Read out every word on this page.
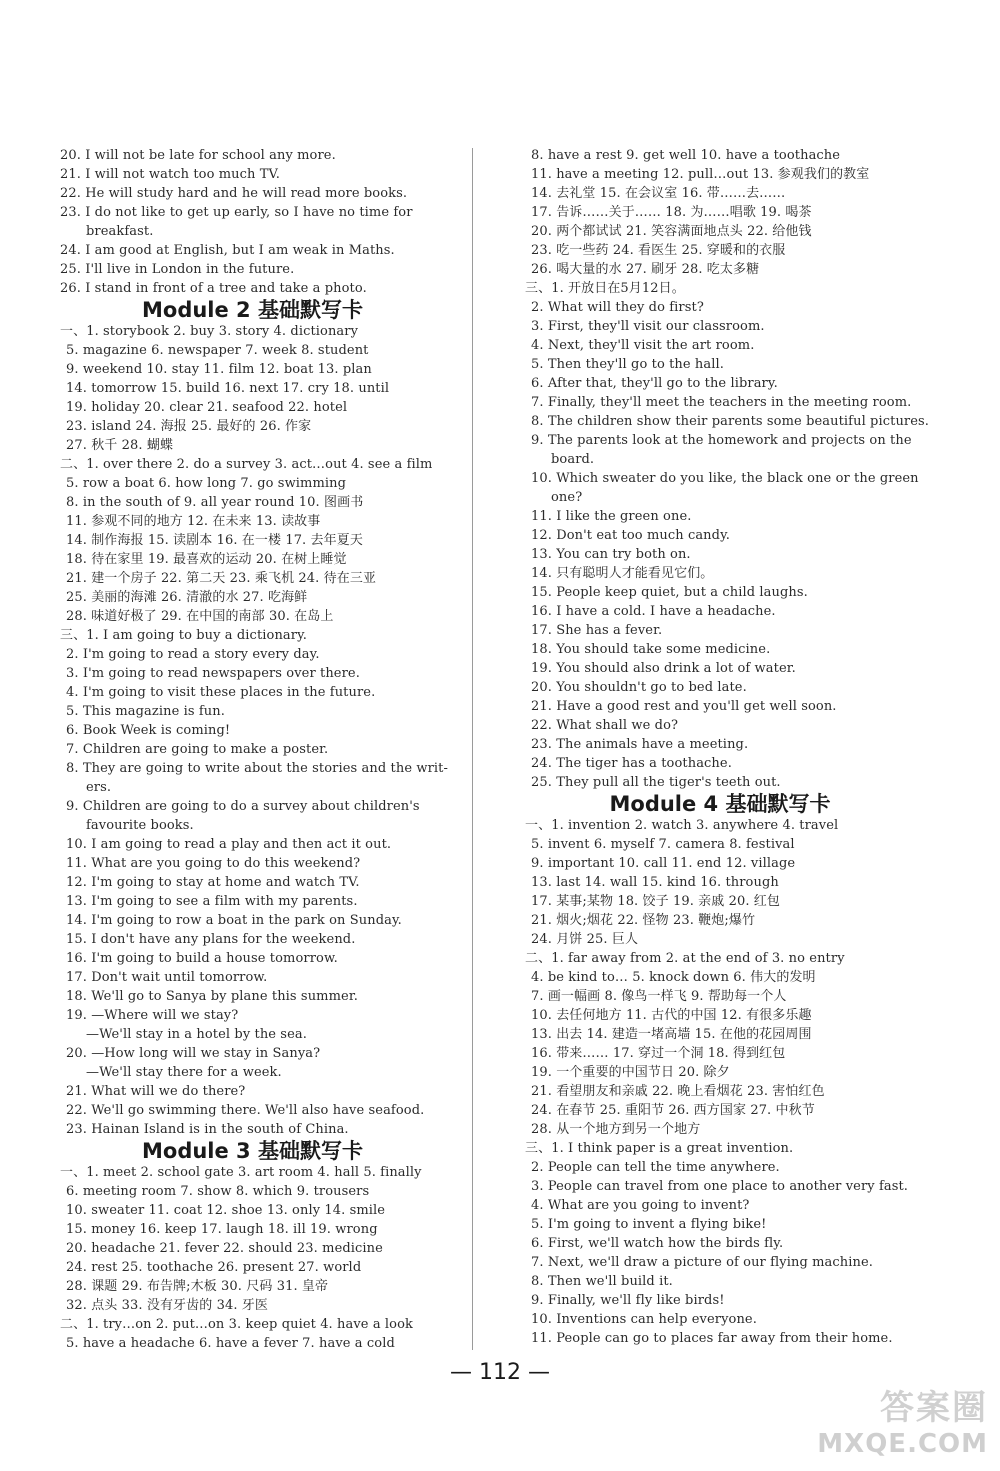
20. I will not be late for school any more.
21. I will not watch too much TV.
22. He will study hard and he will read more books.
23. I do not like to get up early, so I have no time for
breakfast.
24. I am good at English, but I am weak in Maths.
25. I'll live in London in the future.
26. I stand in front of a tree and take a photo.
Module 2 基础默写卡
一、1. storybook 2. buy 3. story 4. dictionary
5. magazine 6. newspaper 7. week 8. student
9. weekend 10. stay 11. film 12. boat 13. plan
14. tomorrow 15. build 16. next 17. cry 18. until
19. holiday 20. clear 21. seafood 22. hotel
23. island 24. 海报 25. 最好的 26. 作家
27. 秋千 28. 蝴蝶
二、1. over there 2. do a survey 3. act…out 4. see a film
5. row a boat 6. how long 7. go swimming
8. in the south of 9. all year round 10. 图画书
11. 参观不同的地方 12. 在未来 13. 读故事
14. 制作海报 15. 读剧本 16. 在一楼 17. 去年夏天
18. 待在家里 19. 最喜欢的运动 20. 在树上睡觉
21. 建一个房子 22. 第二天 23. 乘飞机 24. 待在三亚
25. 美丽的海滩 26. 清澈的水 27. 吃海鲜
28. 味道好极了 29. 在中国的南部 30. 在岛上
三、1. I am going to buy a dictionary.
2. I'm going to read a story every day.
3. I'm going to read newspapers over there.
4. I'm going to visit these places in the future.
5. This magazine is fun.
6. Book Week is coming!
7. Children are going to make a poster.
8. They are going to write about the stories and the writ-
ers.
9. Children are going to do a survey about children's
favourite books.
10. I am going to read a play and then act it out.
11. What are you going to do this weekend?
12. I'm going to stay at home and watch TV.
13. I'm going to see a film with my parents.
14. I'm going to row a boat in the park on Sunday.
15. I don't have any plans for the weekend.
16. I'm going to build a house tomorrow.
17. Don't wait until tomorrow.
18. We'll go to Sanya by plane this summer.
19. —Where will we stay?
—We'll stay in a hotel by the sea.
20. —How long will we stay in Sanya?
—We'll stay there for a week.
21. What will we do there?
22. We'll go swimming there. We'll also have seafood.
23. Hainan Island is in the south of China.
Module 3 基础默写卡
一、1. meet 2. school gate 3. art room 4. hall 5. finally
6. meeting room 7. show 8. which 9. trousers
10. sweater 11. coat 12. shoe 13. only 14. smile
15. money 16. keep 17. laugh 18. ill 19. wrong
20. headache 21. fever 22. should 23. medicine
24. rest 25. toothache 26. present 27. world
28. 课题 29. 布告牌;木板 30. 尺码 31. 皇帝
32. 点头 33. 没有牙齿的 34. 牙医
二、1. try…on 2. put…on 3. keep quiet 4. have a look
5. have a headache 6. have a fever 7. have a cold
8. have a rest 9. get well 10. have a toothache
11. have a meeting 12. pull…out 13. 参观我们的教室
14. 去礼堂 15. 在会议室 16. 带……去……
17. 告诉……关于…… 18. 为……唱歌 19. 喝茶
20. 两个都试试 21. 笑容满面地点头 22. 给他钱
23. 吃一些药 24. 看医生 25. 穿暖和的衣服
26. 喝大量的水 27. 刷牙 28. 吃太多糖
三、1. 开放日在5月12日。
2. What will they do first?
3. First, they'll visit our classroom.
4. Next, they'll visit the art room.
5. Then they'll go to the hall.
6. After that, they'll go to the library.
7. Finally, they'll meet the teachers in the meeting room.
8. The children show their parents some beautiful pictures.
9. The parents look at the homework and projects on the
board.
10. Which sweater do you like, the black one or the green
one?
11. I like the green one.
12. Don't eat too much candy.
13. You can try both on.
14. 只有聪明人才能看见它们。
15. People keep quiet, but a child laughs.
16. I have a cold. I have a headache.
17. She has a fever.
18. You should take some medicine.
19. You should also drink a lot of water.
20. You shouldn't go to bed late.
21. Have a good rest and you'll get well soon.
22. What shall we do?
23. The animals have a meeting.
24. The tiger has a toothache.
25. They pull all the tiger's teeth out.
Module 4 基础默写卡
一、1. invention 2. watch 3. anywhere 4. travel
5. invent 6. myself 7. camera 8. festival
9. important 10. call 11. end 12. village
13. last 14. wall 15. kind 16. through
17. 某事;某物 18. 饺子 19. 亲戚 20. 红包
21. 烟火;烟花 22. 怪物 23. 鞭炮;爆竹
24. 月饼 25. 巨人
二、1. far away from 2. at the end of 3. no entry
4. be kind to… 5. knock down 6. 伟大的发明
7. 画一幅画 8. 像鸟一样飞 9. 帮助每一个人
10. 去任何地方 11. 古代的中国 12. 有很多乐趣
13. 出去 14. 建造一堵高墙 15. 在他的花园周围
16. 带来…… 17. 穿过一个洞 18. 得到红包
19. 一个重要的中国节日 20. 除夕
21. 看望朋友和亲戚 22. 晚上看烟花 23. 害怕红色
24. 在春节 25. 重阳节 26. 西方国家 27. 中秋节
28. 从一个地方到另一个地方
三、1. I think paper is a great invention.
2. People can tell the time anywhere.
3. People can travel from one place to another very fast.
4. What are you going to invent?
5. I'm going to invent a flying bike!
6. First, we'll watch how the birds fly.
7. Next, we'll draw a picture of our flying machine.
8. Then we'll build it.
9. Finally, we'll fly like birds!
10. Inventions can help everyone.
11. People can go to places far away from their home.
— 112 —
答案圈
MXQE.COM
